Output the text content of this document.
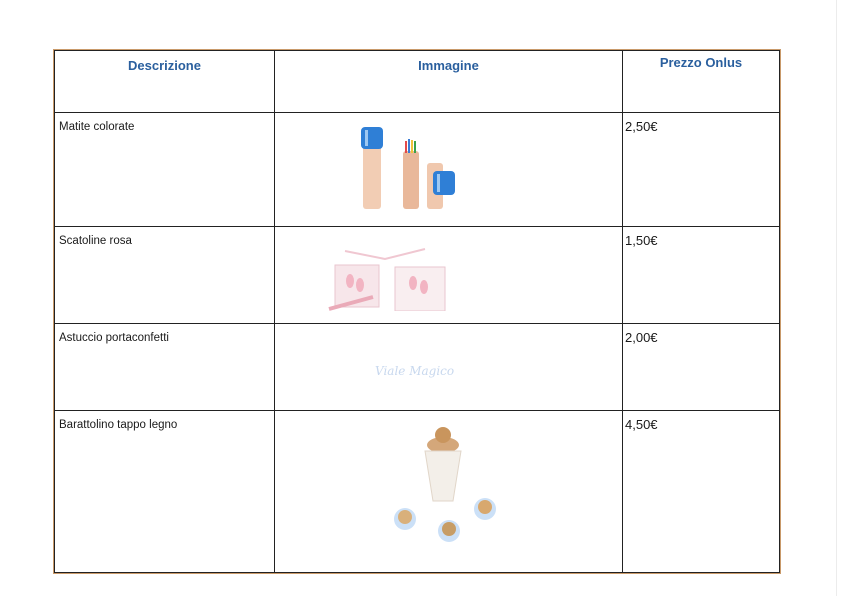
Descrizione	Immagine	Prezzo Onlus
Matite colorate		2,50€
Scatoline rosa		1,50€
Astuccio portaconfetti	Viale Magico	2,00€
Barattolino tappo legno		4,50€
